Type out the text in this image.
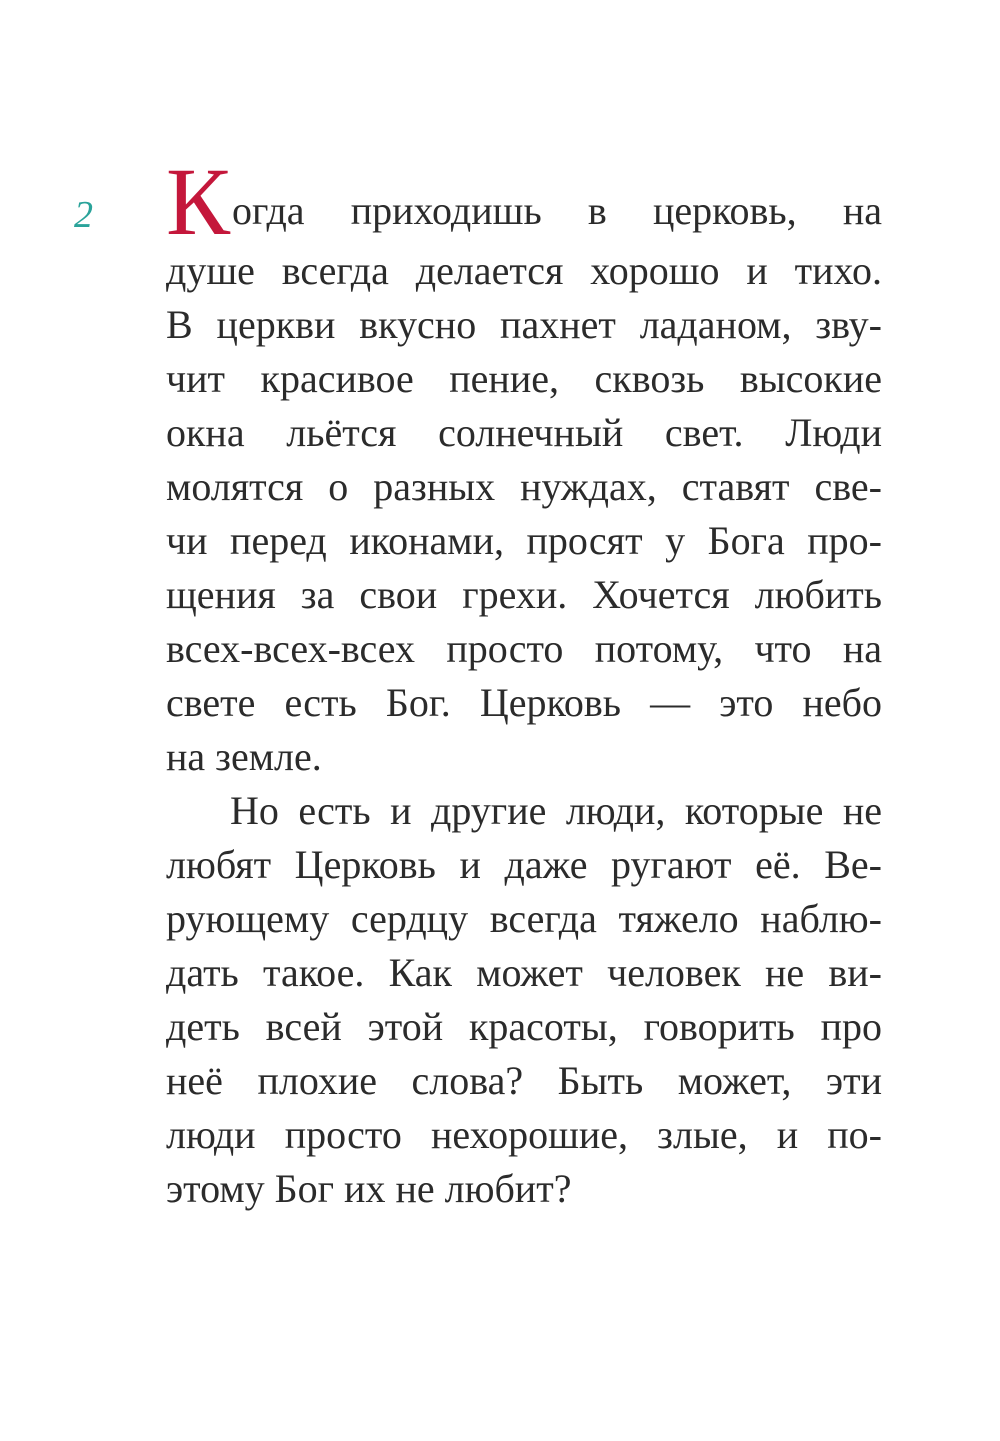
2 К огда приходишь в церковь, на
душе всегда делается хорошо и тихо.
В церкви вкусно пахнет ладаном, зву-
чит красивое пение, сквозь высокие
окна льётся солнечный свет. Люди
молятся о разных нуждах, ставят све-
чи перед иконами, просят у Бога про-
щения за свои грехи. Хочется любить
всех-всех-всех просто потому, что на
свете есть Бог. Церковь — это небо
на земле.
Но есть и другие люди, которые не
любят Церковь и даже ругают её. Ве-
рующему сердцу всегда тяжело наблю-
дать такое. Как может человек не ви-
деть всей этой красоты, говорить про
неё плохие слова? Быть может, эти
люди просто нехорошие, злые, и по-
этому Бог их не любит?
